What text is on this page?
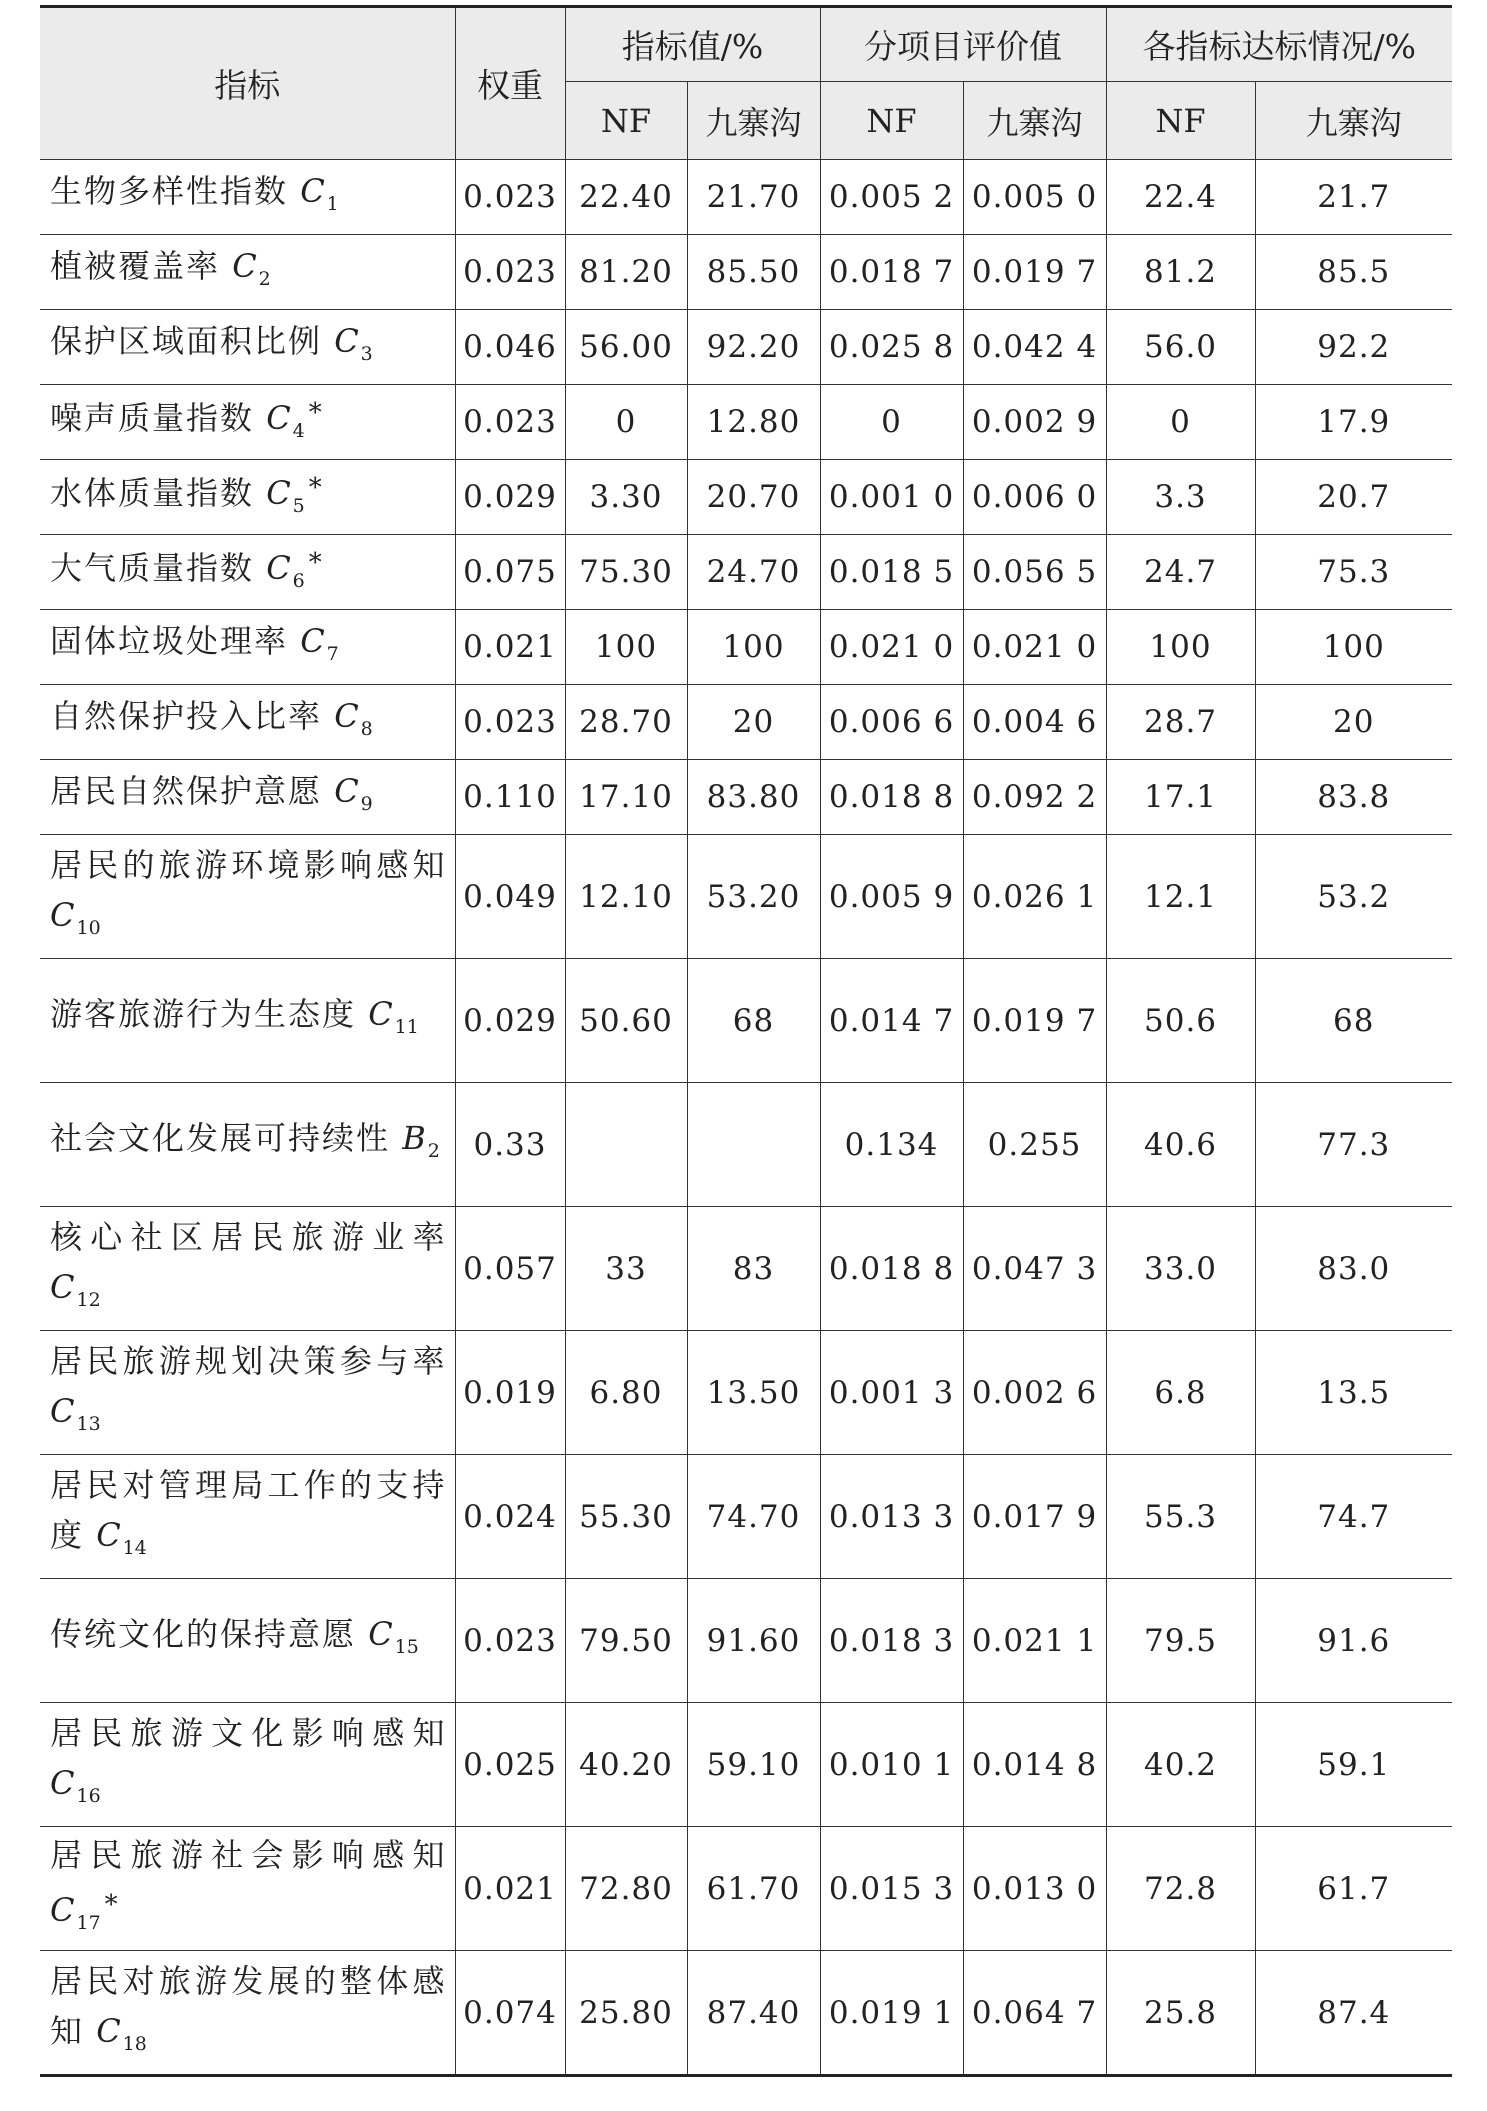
指标	权重	指标值/%		分项目评价值		各指标达标情况/%	
		NF	九寨沟	NF	九寨沟	NF	九寨沟
生物多样性指数 $C_1$	0.023	22.40	21.70	0.005 2	0.005 0	22.4	21.7
植被覆盖率 $C_2$	0.023	81.20	85.50	0.018 7	0.019 7	81.2	85.5
保护区域面积比例 $C_3$	0.046	56.00	92.20	0.025 8	0.042 4	56.0	92.2
噪声质量指数 $C_4^*$	0.023	0	12.80	0	0.002 9	0	17.9
水体质量指数 $C_5^*$	0.029	3.30	20.70	0.001 0	0.006 0	3.3	20.7
大气质量指数 $C_6^*$	0.075	75.30	24.70	0.018 5	0.056 5	24.7	75.3
固体垃圾处理率 $C_7$	0.021	100	100	0.021 0	0.021 0	100	100
自然保护投入比率 $C_8$	0.023	28.70	20	0.006 6	0.004 6	28.7	20
居民自然保护意愿 $C_9$	0.110	17.10	83.80	0.018 8	0.092 2	17.1	83.8
居民的旅游环境影响感知 $C_{10}$	0.049	12.10	53.20	0.005 9	0.026 1	12.1	53.2
游客旅游行为生态度 $C_{11}$	0.029	50.60	68	0.014 7	0.019 7	50.6	68
社会文化发展可持续性 $B_2$	0.33			0.134	0.255	40.6	77.3
核心社区居民旅游业率 $C_{12}$	0.057	33	83	0.018 8	0.047 3	33.0	83.0
居民旅游规划决策参与率 $C_{13}$	0.019	6.80	13.50	0.001 3	0.002 6	6.8	13.5
居民对管理局工作的支持度 $C_{14}$	0.024	55.30	74.70	0.013 3	0.017 9	55.3	74.7
传统文化的保持意愿 $C_{15}$	0.023	79.50	91.60	0.018 3	0.021 1	79.5	91.6
居民旅游文化影响感知 $C_{16}$	0.025	40.20	59.10	0.010 1	0.014 8	40.2	59.1
居民旅游社会影响感知 $C_{17}^*$	0.021	72.80	61.70	0.015 3	0.013 0	72.8	61.7
居民对旅游发展的整体感知 $C_{18}$	0.074	25.80	87.40	0.019 1	0.064 7	25.8	87.4
